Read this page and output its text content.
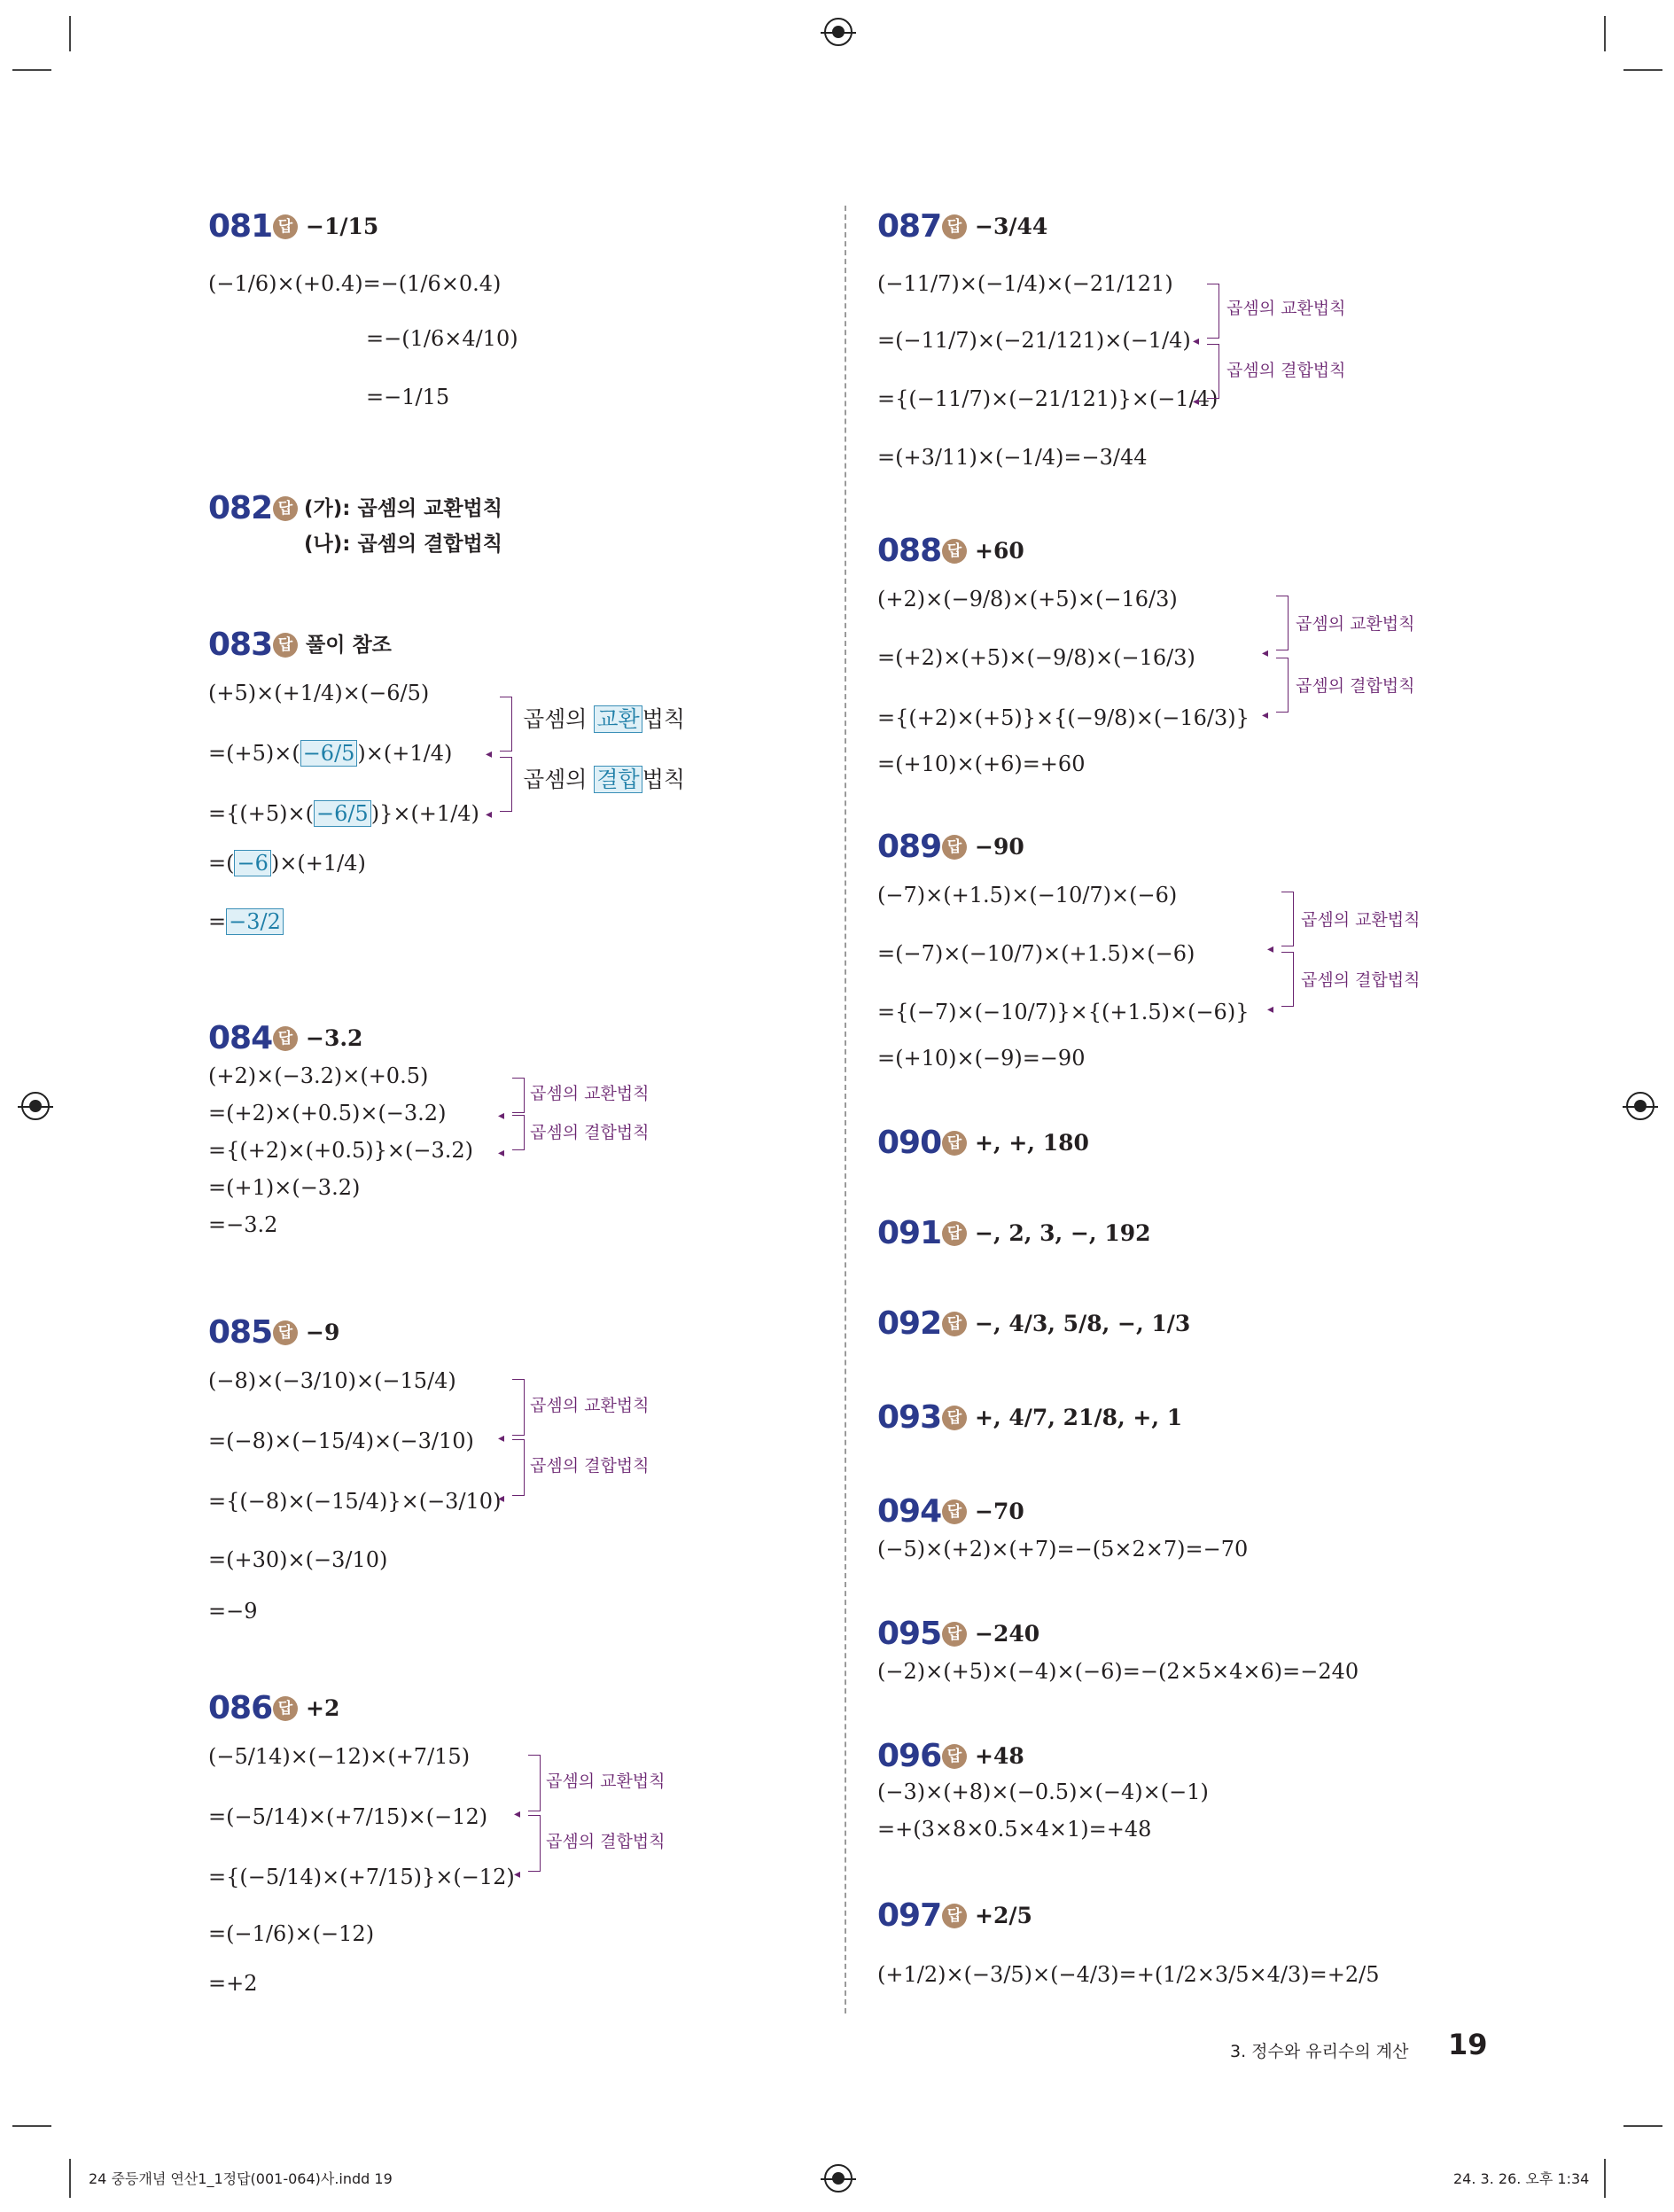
081 답 −1/15
(−1/6)×(+0.4)=−(1/6×0.4)
=−(1/6×4/10)
=−1/15
082 답 (가): 곱셈의 교환법칙
(나): 곱셈의 결합법칙
083 답 풀이 참조
(+5)×(+1/4)×(−6/5)
=(+5)×( −6/5 )×(+1/4)
={(+5)×( −6/5 )}×(+1/4)
=( −6 )×(+1/4)
= −3/2
◂
◂
곱셈의 교환 법칙
곱셈의 결합 법칙
084 답 −3.2
(+2)×(−3.2)×(+0.5)
=(+2)×(+0.5)×(−3.2)
={(+2)×(+0.5)}×(−3.2)
=(+1)×(−3.2)
=−3.2
◂
◂
곱셈의 교환법칙
곱셈의 결합법칙
085 답 −9
(−8)×(−3/10)×(−15/4)
=(−8)×(−15/4)×(−3/10)
={(−8)×(−15/4)}×(−3/10)
=(+30)×(−3/10)
=−9
◂
◂
곱셈의 교환법칙
곱셈의 결합법칙
086 답 +2
(−5/14)×(−12)×(+7/15)
=(−5/14)×(+7/15)×(−12)
={(−5/14)×(+7/15)}×(−12)
=(−1/6)×(−12)
=+2
◂
◂
곱셈의 교환법칙
곱셈의 결합법칙
087 답 −3/44
(−11/7)×(−1/4)×(−21/121)
=(−11/7)×(−21/121)×(−1/4)
={(−11/7)×(−21/121)}×(−1/4)
=(+3/11)×(−1/4)=−3/44
◂
◂
곱셈의 교환법칙
곱셈의 결합법칙
088 답 +60
(+2)×(−9/8)×(+5)×(−16/3)
=(+2)×(+5)×(−9/8)×(−16/3)
={(+2)×(+5)}×{(−9/8)×(−16/3)}
=(+10)×(+6)=+60
◂
◂
곱셈의 교환법칙
곱셈의 결합법칙
089 답 −90
(−7)×(+1.5)×(−10/7)×(−6)
=(−7)×(−10/7)×(+1.5)×(−6)
={(−7)×(−10/7)}×{(+1.5)×(−6)}
=(+10)×(−9)=−90
◂
◂
곱셈의 교환법칙
곱셈의 결합법칙
090 답 +, +, 180
091 답 −, 2, 3, −, 192
092 답 −, 4/3, 5/8, −, 1/3
093 답 +, 4/7, 21/8, +, 1
094 답 −70
(−5)×(+2)×(+7)=−(5×2×7)=−70
095 답 −240
(−2)×(+5)×(−4)×(−6)=−(2×5×4×6)=−240
096 답 +48
(−3)×(+8)×(−0.5)×(−4)×(−1)
=+(3×8×0.5×4×1)=+48
097 답 +2/5
(+1/2)×(−3/5)×(−4/3)=+(1/2×3/5×4/3)=+2/5
3. 정수와 유리수의 계산 19
24 중등개념 연산1_1정답(001-064)사.indd 19	24. 3. 26. 오후 1:34
